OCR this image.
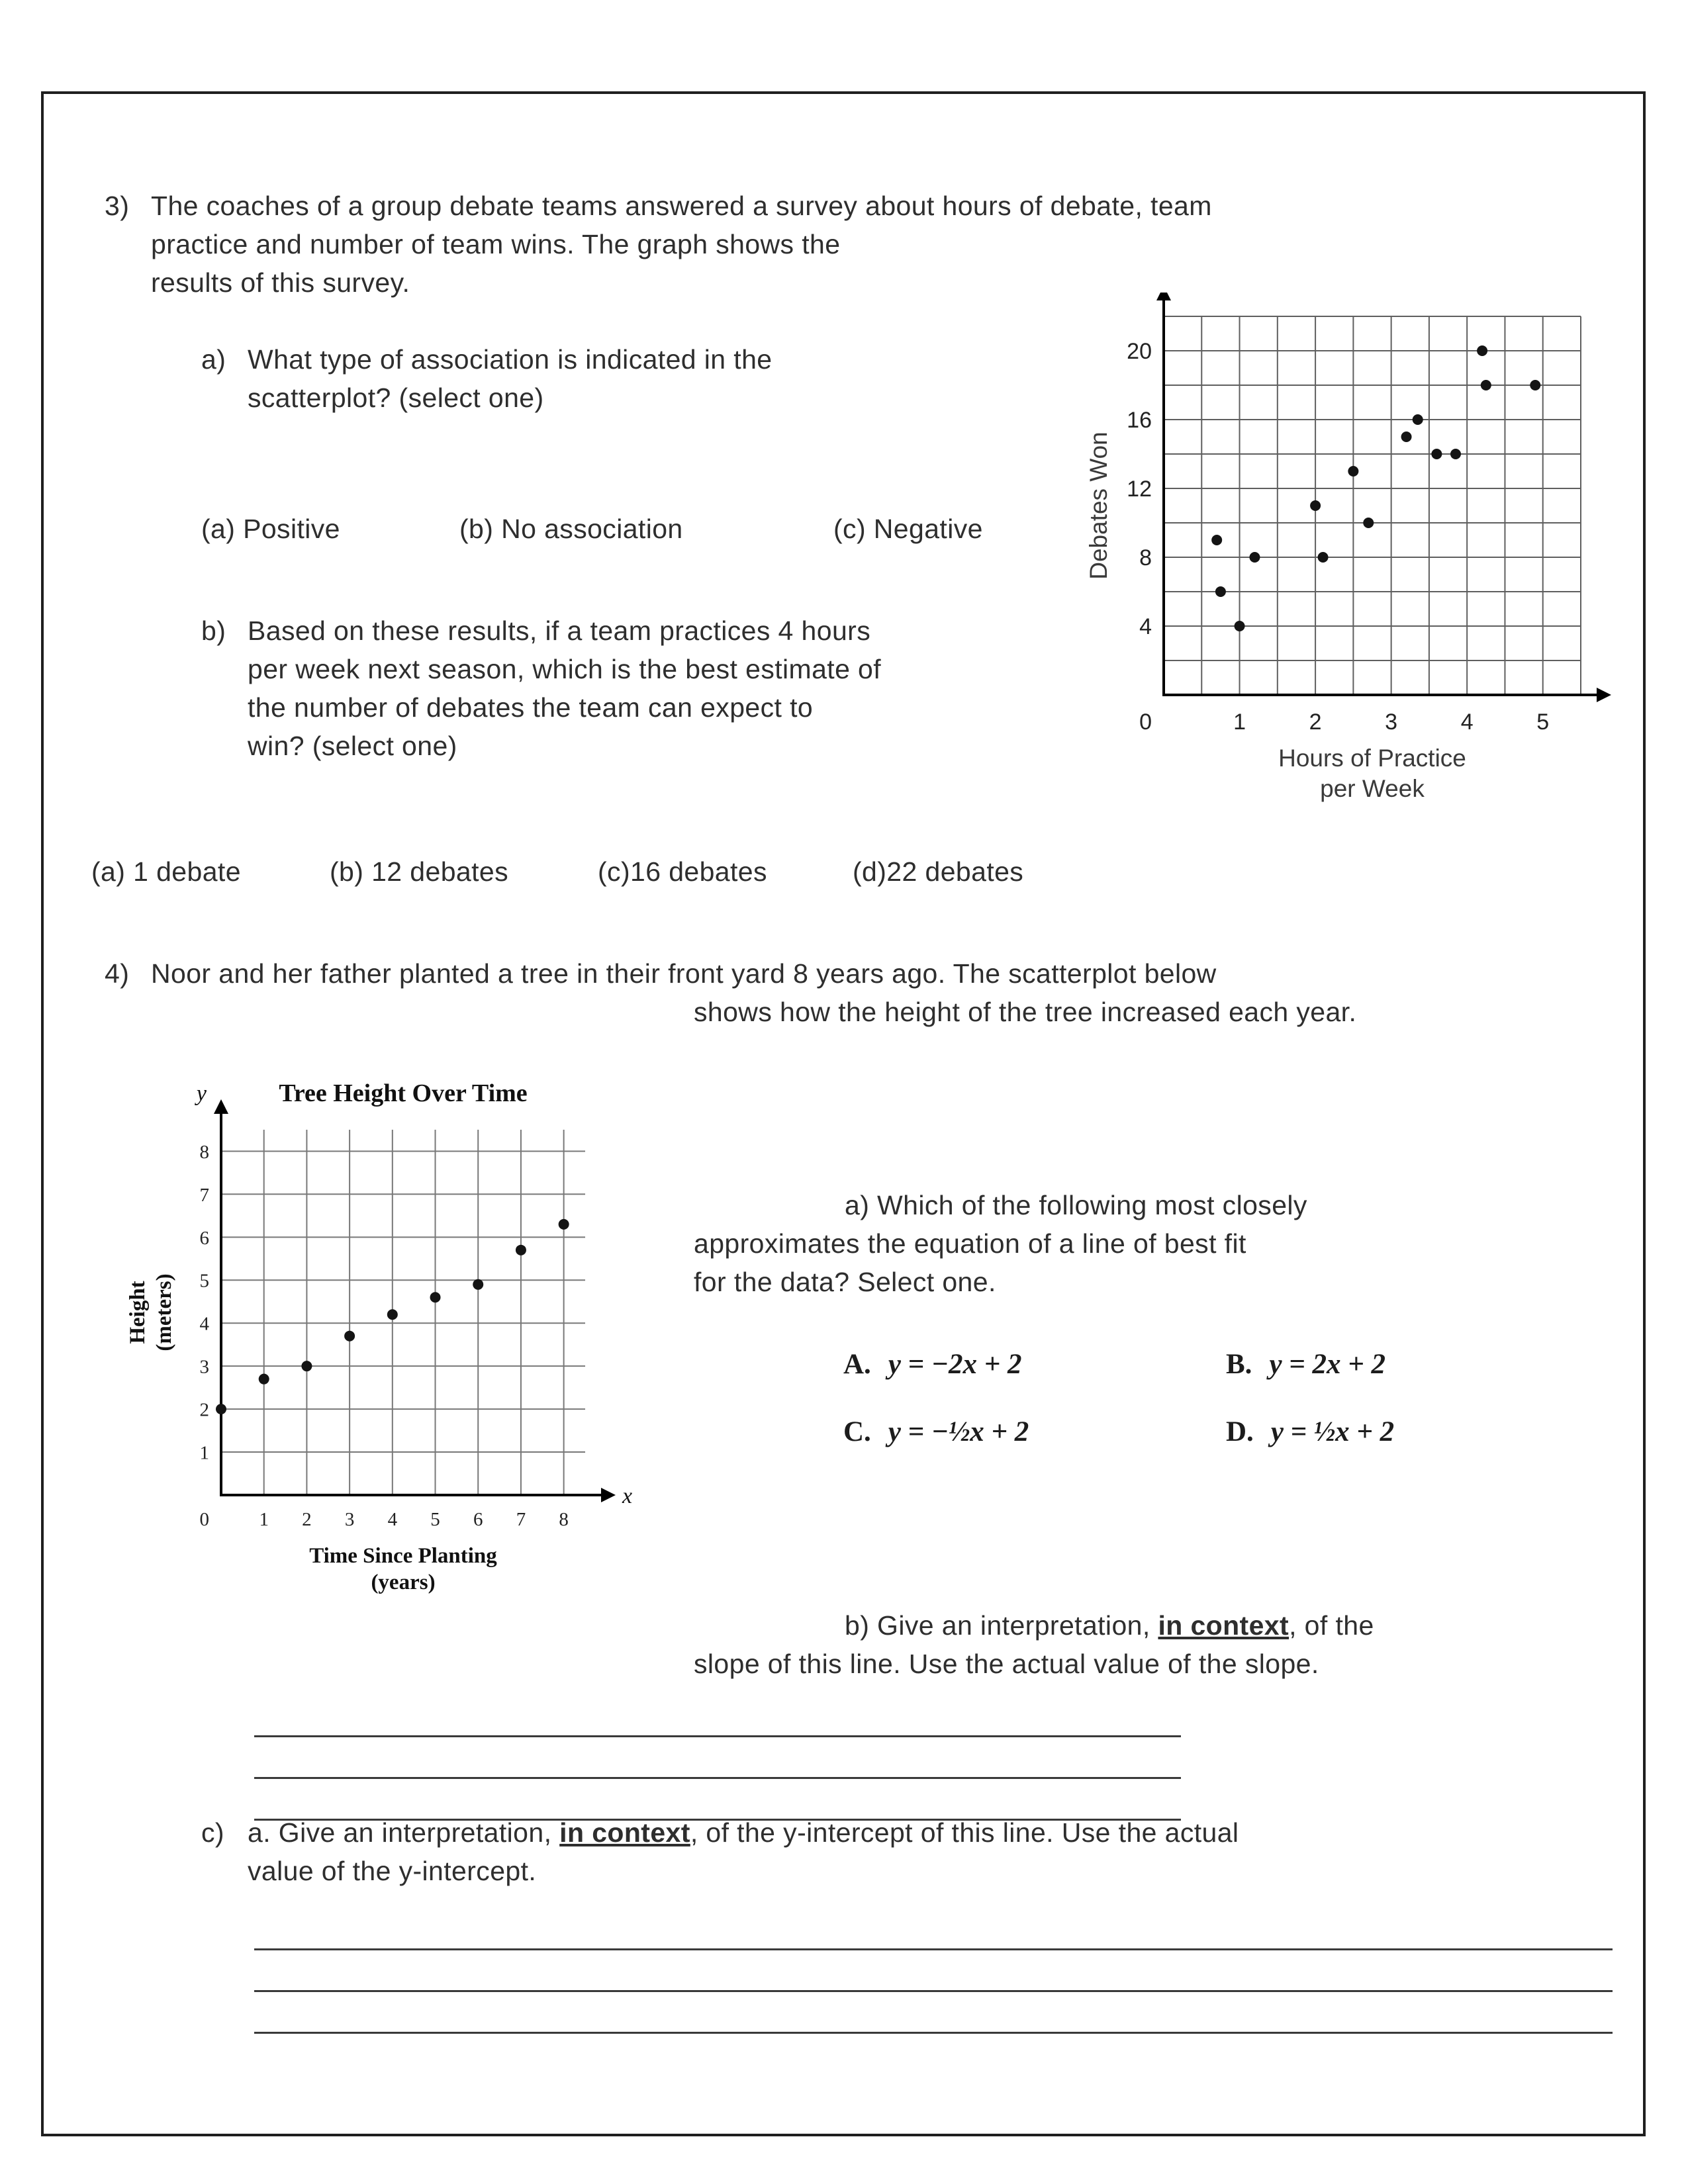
3) The coaches of a group debate teams answered a survey about hours of debate, team
practice and number of team wins. The graph shows the
results of this survey.
a) What type of association is indicated in the
scatterplot? (select one)
(a) Positive	(b) No association	(c) Negative
b) Based on these results, if a team practices 4 hours
per week next season, which is the best estimate of
the number of debates the team can expect to
win? (select one)
(a) 1 debate	(b) 12 debates	(c)16 debates	(d)22 debates
1	2	3	4	5
4
8
12
16
20
0
Hours of Practice
per Week
Debates Won
4) Noor and her father planted a tree in their front yard 8 years ago. The scatterplot below
shows how the height of the tree increased each year.
1 2 3 4 5 6 7 8
1
2
3
4
5
6
7
8
0
Time Since Planting
(years)
Height (meters)
Tree Height Over Time
x
y
a) Which of the following most closely
approximates the equation of a line of best fit
for the data? Select one.
A. y = −2x + 2	B. y = 2x + 2
C. y = −½x + 2	D. y = ½x + 2
b) Give an interpretation, in context, of the
slope of this line. Use the actual value of the slope.
c) a. Give an interpretation, in context, of the y-intercept of this line. Use the actual
value of the y-intercept.
